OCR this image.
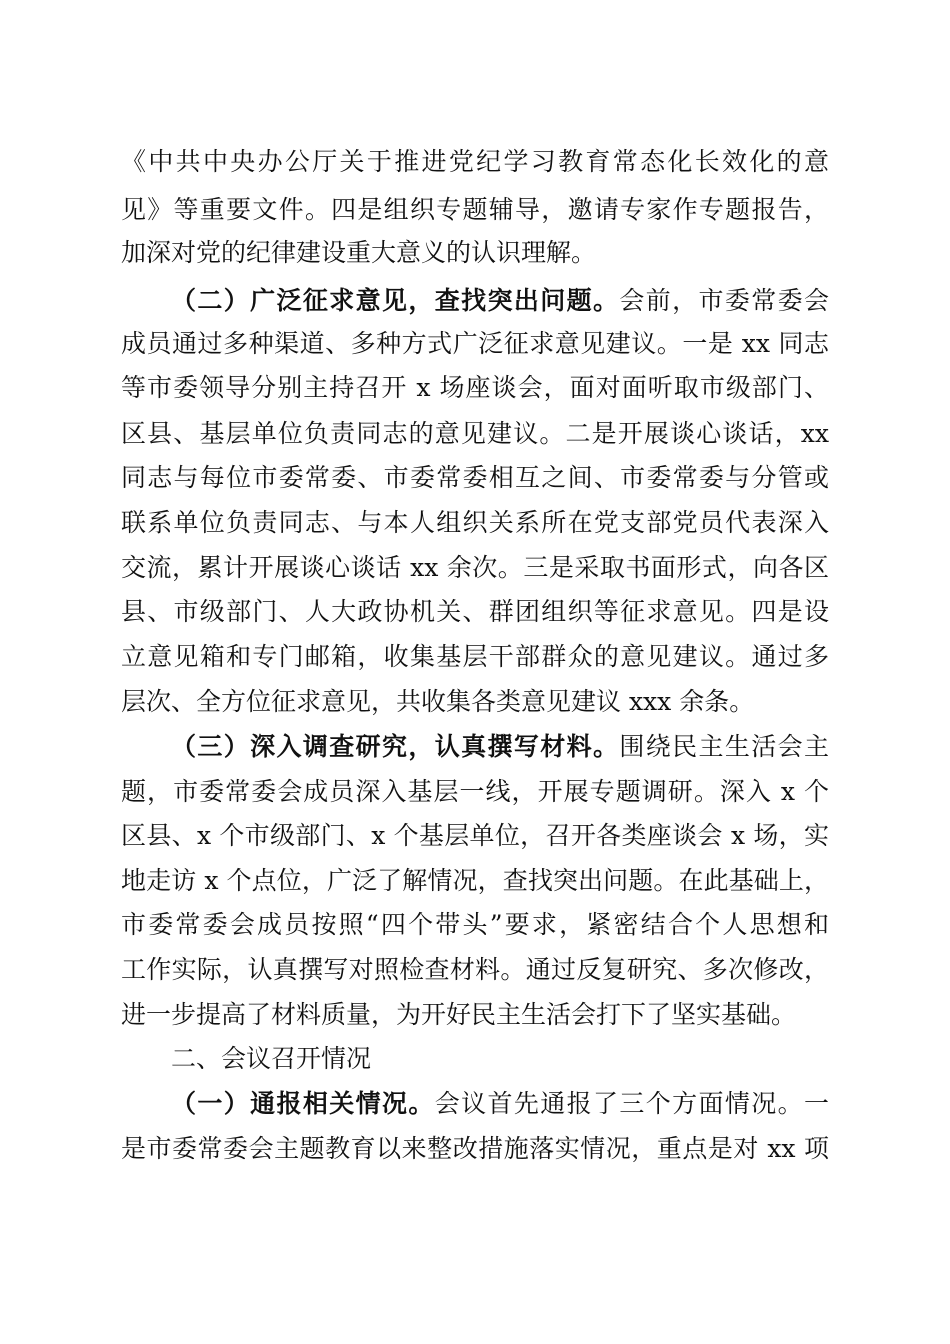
《中共中央办公厅关于推进党纪学习教育常态化长效化的意
见》等重要文件。四是组织专题辅导，邀请专家作专题报告，
加深对党的纪律建设重大意义的认识理解。
（二）广泛征求意见，查找突出问题。会前，市委常委会
成员通过多种渠道、多种方式广泛征求意见建议。一是 xx 同志
等市委领导分别主持召开 x 场座谈会，面对面听取市级部门、
区县、基层单位负责同志的意见建议。二是开展谈心谈话，xx
同志与每位市委常委、市委常委相互之间、市委常委与分管或
联系单位负责同志、与本人组织关系所在党支部党员代表深入
交流，累计开展谈心谈话 xx 余次。三是采取书面形式，向各区
县、市级部门、人大政协机关、群团组织等征求意见。四是设
立意见箱和专门邮箱，收集基层干部群众的意见建议。通过多
层次、全方位征求意见，共收集各类意见建议 xxx 余条。
（三）深入调查研究，认真撰写材料。围绕民主生活会主
题，市委常委会成员深入基层一线，开展专题调研。深入 x 个
区县、x 个市级部门、x 个基层单位，召开各类座谈会 x 场，实
地走访 x 个点位，广泛了解情况，查找突出问题。在此基础上，
市委常委会成员按照“四个带头”要求，紧密结合个人思想和
工作实际，认真撰写对照检查材料。通过反复研究、多次修改，
进一步提高了材料质量，为开好民主生活会打下了坚实基础。
二、会议召开情况
（一）通报相关情况。会议首先通报了三个方面情况。一
是市委常委会主题教育以来整改措施落实情况，重点是对 xx 项
